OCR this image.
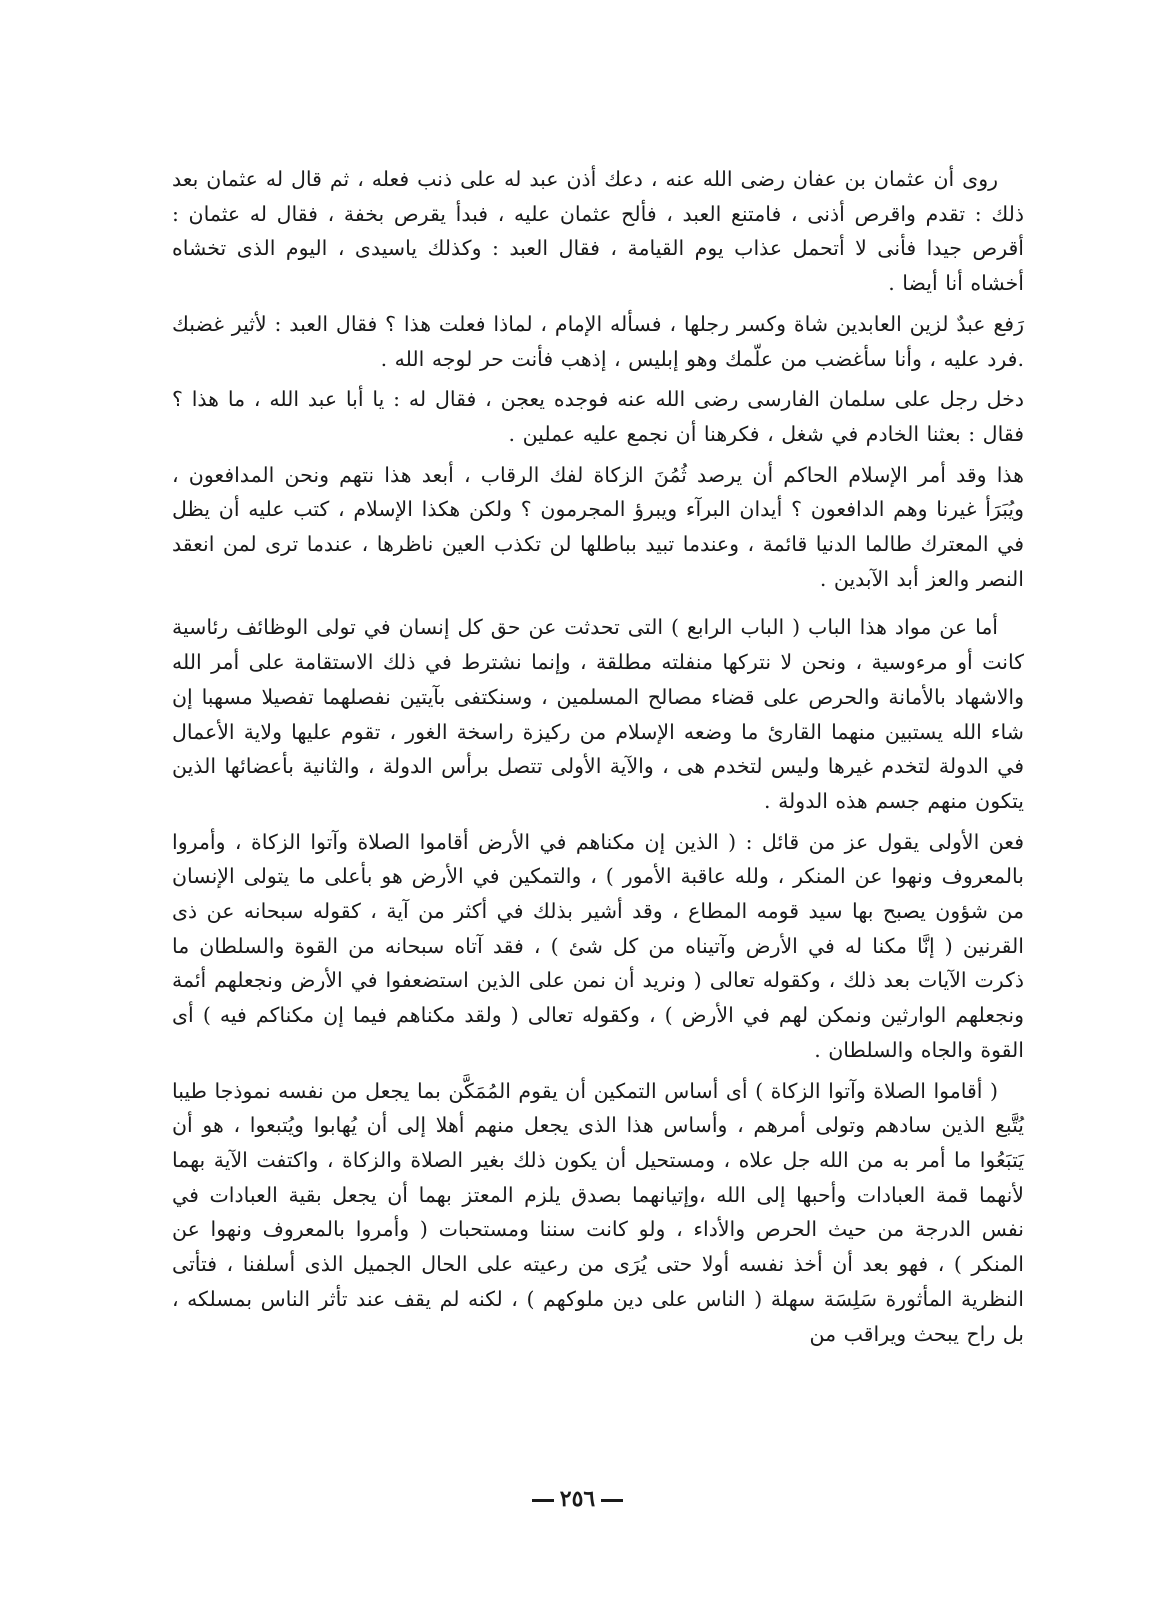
روى أن عثمان بن عفان رضى الله عنه ، دعك أذن عبد له على ذنب فعله ، ثم قال له عثمان بعد ذلك : تقدم واقرص أذنى ، فامتنع العبد ، فألح عثمان عليه ، فبدأ يقرص بخفة ، فقال له عثمان : أقرص جيدا فأنى لا أتحمل عذاب يوم القيامة ، فقال العبد : وكذلك ياسيدى ، اليوم الذى تخشاه أخشاه أنا أيضا .

رَفع عبدٌ لزين العابدين شاة وكسر رجلها ، فسأله الإمام ، لماذا فعلت هذا ؟ فقال العبد : لأثير غضبك .فرد عليه ، وأنا سأغضب من علّمك وهو إبليس ، إذهب فأنت حر لوجه الله .

دخل رجل على سلمان الفارسى رضى الله عنه فوجده يعجن ، فقال له : يا أبا عبد الله ، ما هذا ؟ فقال : بعثنا الخادم في شغل ، فكرهنا أن نجمع عليه عملين .

هذا وقد أمر الإسلام الحاكم أن يرصد ثُمُنَ الزكاة لفك الرقاب ، أبعد هذا نتهم ونحن المدافعون ، ويُبَرَأ غيرنا وهم الدافعون ؟ أيدان البرآء ويبرؤ المجرمون ؟ ولكن هكذا الإسلام ، كتب عليه أن يظل في المعترك طالما الدنيا قائمة ، وعندما تبيد بباطلها لن تكذب العين ناظرها ، عندما ترى لمن انعقد النصر والعز أبد الآبدين .

أما عن مواد هذا الباب ( الباب الرابع ) التى تحدثت عن حق كل إنسان في تولى الوظائف رئاسية كانت أو مرءوسية ، ونحن لا نتركها منفلته مطلقة ، وإنما نشترط في ذلك الاستقامة على أمر الله والاشهاد بالأمانة والحرص على قضاء مصالح المسلمين ، وسنكتفى بآيتين نفصلهما تفصيلا مسهبا إن شاء الله يستبين منهما القارئ ما وضعه الإسلام من ركيزة راسخة الغور ، تقوم عليها ولاية الأعمال في الدولة لتخدم غيرها وليس لتخدم هى ، والآية الأولى تتصل برأس الدولة ، والثانية بأعضائها الذين يتكون منهم جسم هذه الدولة .

فعن الأولى يقول عز من قائل : ( الذين إن مكناهم في الأرض أقاموا الصلاة وآتوا الزكاة ، وأمروا بالمعروف ونهوا عن المنكر ، ولله عاقبة الأمور ) ، والتمكين في الأرض هو بأعلى ما يتولى الإنسان من شؤون يصبح بها سيد قومه المطاع ، وقد أشير بذلك في أكثر من آية ، كقوله سبحانه عن ذى القرنين ( إنَّا مكنا له في الأرض وآتيناه من كل شئ ) ، فقد آتاه سبحانه من القوة والسلطان ما ذكرت الآيات بعد ذلك ، وكقوله تعالى ( ونريد أن نمن على الذين استضعفوا في الأرض ونجعلهم أئمة ونجعلهم الوارثين ونمكن لهم في الأرض ) ، وكقوله تعالى ( ولقد مكناهم فيما إن مكناكم فيه ) أى القوة والجاه والسلطان .

( أقاموا الصلاة وآتوا الزكاة ) أى أساس التمكين أن يقوم المُمَكَّن بما يجعل من نفسه نموذجا طيبا يُتَّبع الذين سادهم وتولى أمرهم ، وأساس هذا الذى يجعل منهم أهلا إلى أن يُهابوا ويُتبعوا ، هو أن يَتبَعُوا ما أمر به من الله جل علاه ، ومستحيل أن يكون ذلك بغير الصلاة والزكاة ، واكتفت الآية بهما لأنهما قمة العبادات وأحبها إلى الله ،وإتيانهما بصدق يلزم المعتز بهما أن يجعل بقية العبادات في نفس الدرجة من حيث الحرص والأداء ، ولو كانت سننا ومستحبات ( وأمروا بالمعروف ونهوا عن المنكر ) ، فهو بعد أن أخذ نفسه أولا حتى يُرَى من رعيته على الحال الجميل الذى أسلفنا ، فتأتى النظرية المأثورة سَلِسَة سهلة ( الناس على دين ملوكهم ) ، لكنه لم يقف عند تأثر الناس بمسلكه ، بل راح يبحث ويراقب من

٢٥٦
